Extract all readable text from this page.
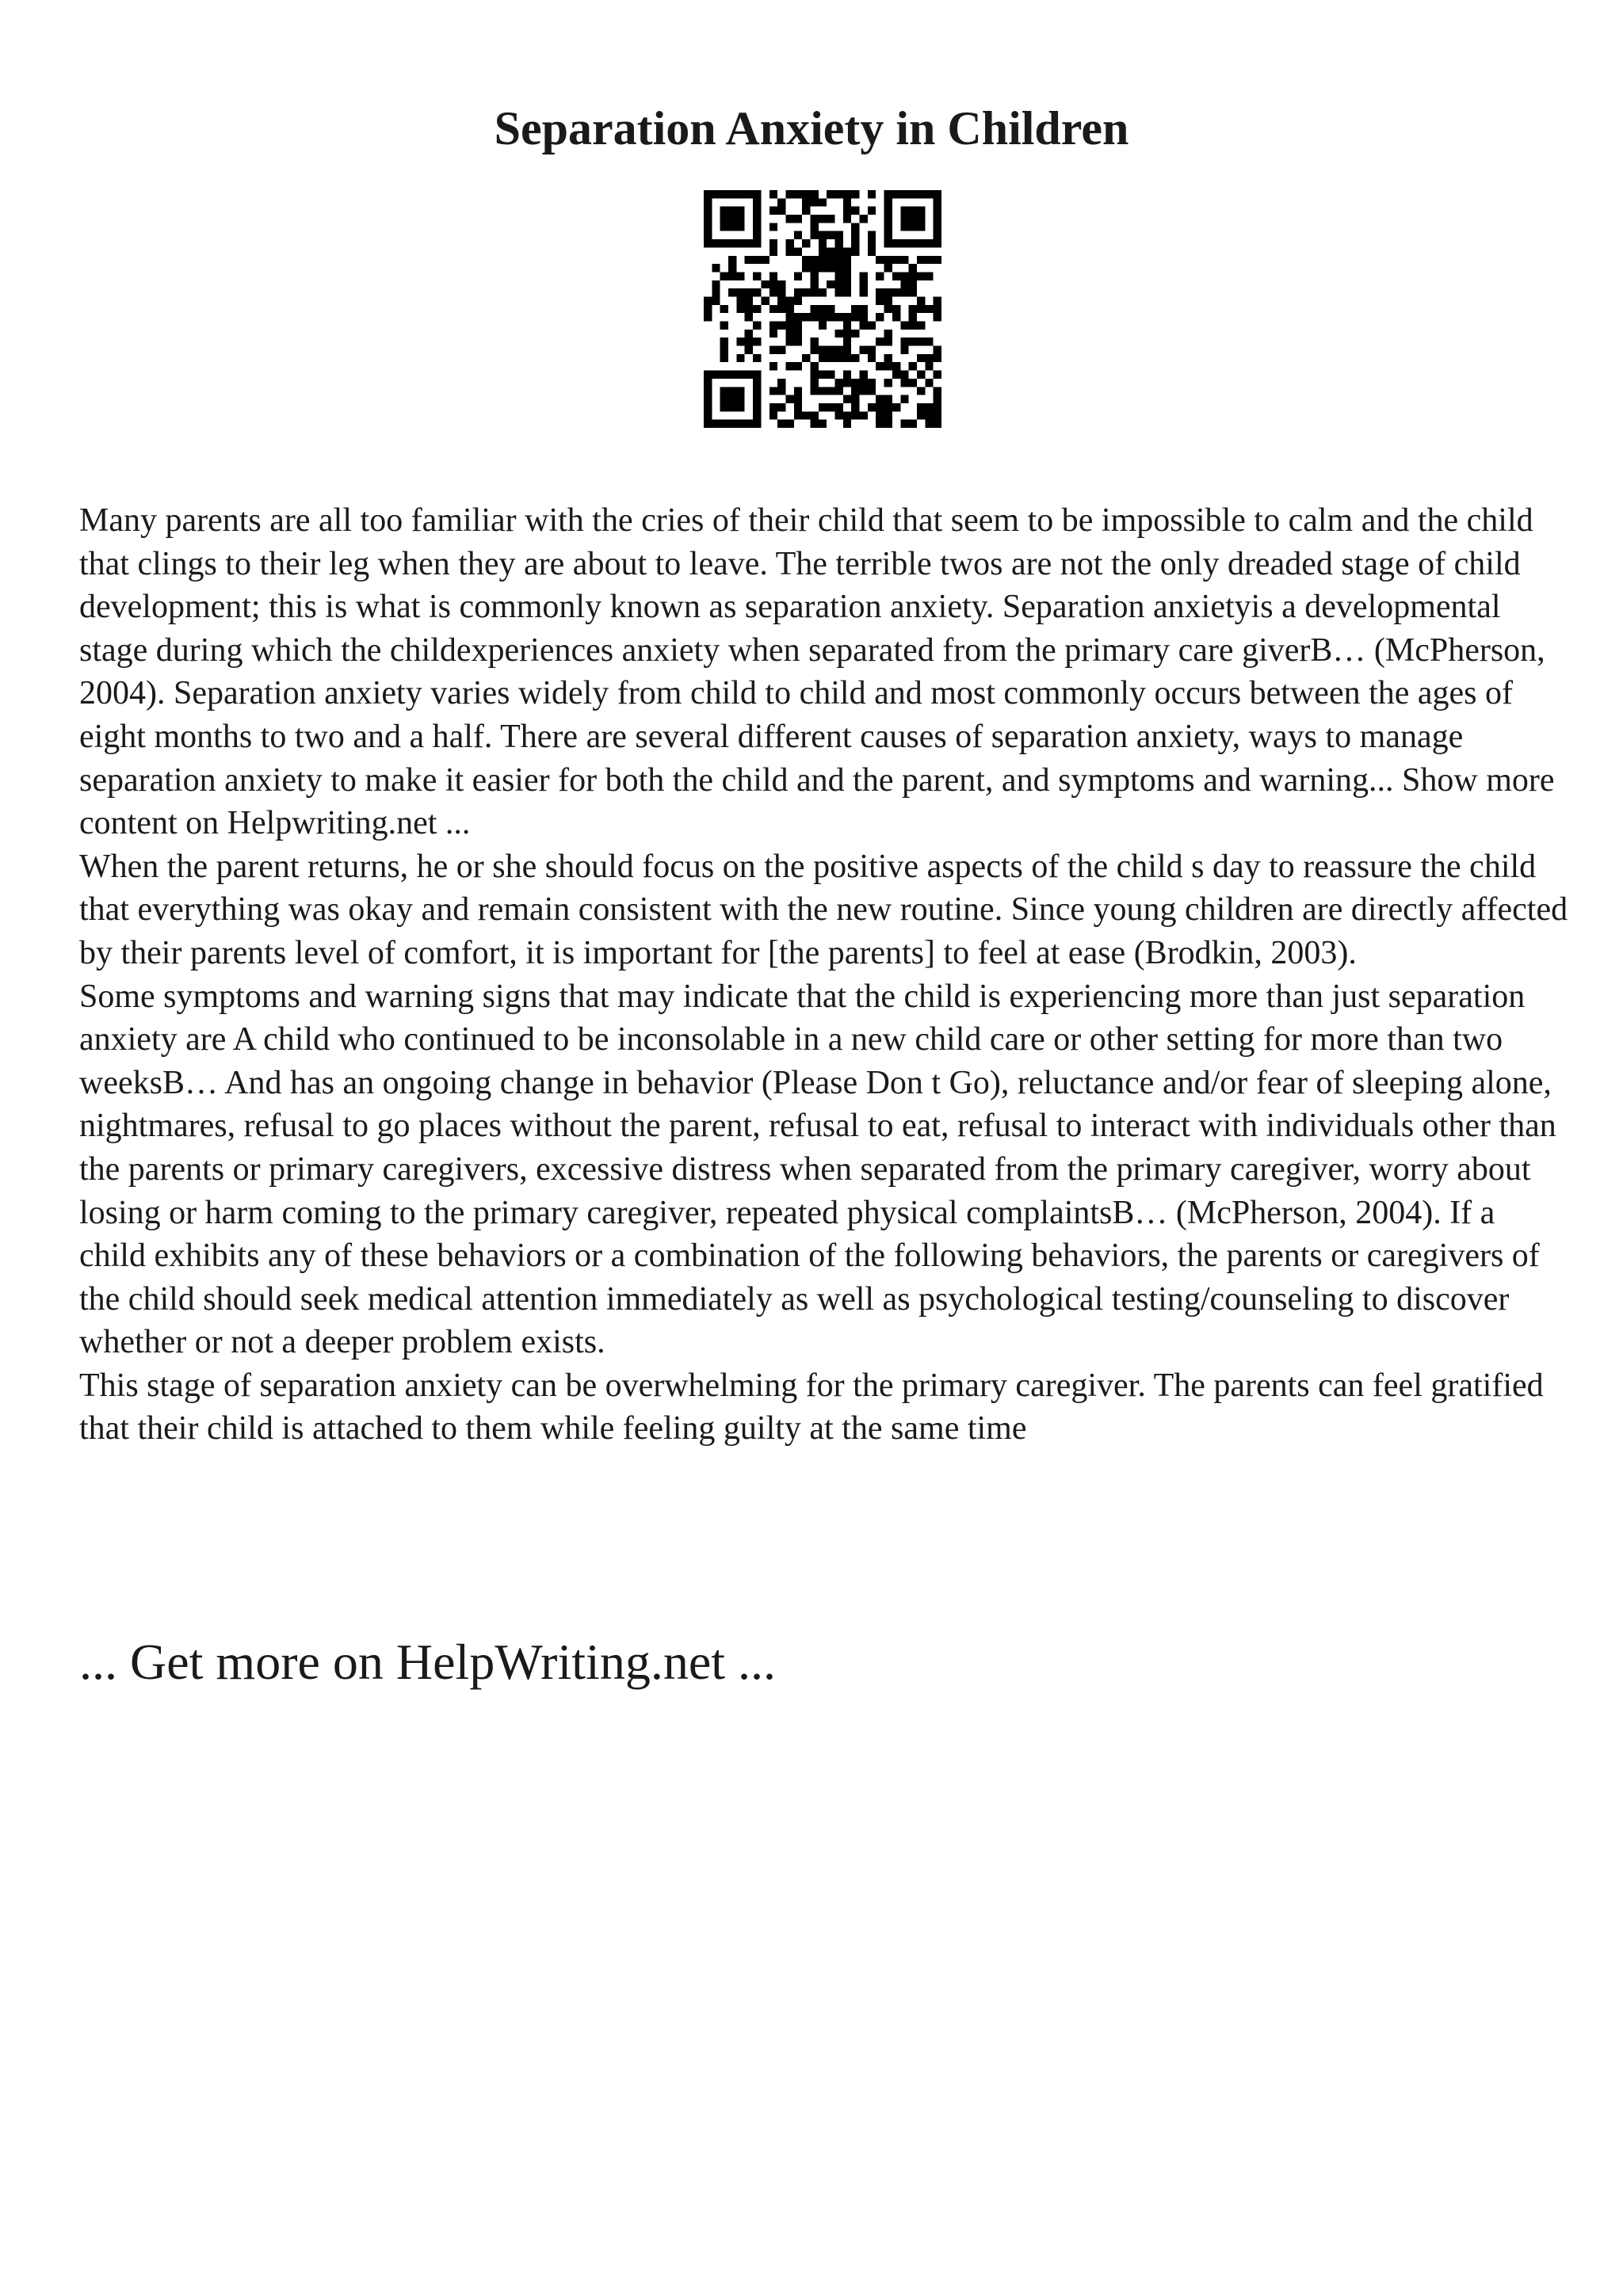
Separation Anxiety in Children

Many parents are all too familiar with the cries of their child that seem to be impossible to calm and the child that clings to their leg when they are about to leave. The terrible twos are not the only dreaded stage of child development; this is what is commonly known as separation anxiety. Separation anxietyis a developmental stage during which the childexperiences anxiety when separated from the primary care giverB… (McPherson, 2004). Separation anxiety varies widely from child to child and most commonly occurs between the ages of eight months to two and a half. There are several different causes of separation anxiety, ways to manage separation anxiety to make it easier for both the child and the parent, and symptoms and warning... Show more content on Helpwriting.net ...

When the parent returns, he or she should focus on the positive aspects of the child s day to reassure the child that everything was okay and remain consistent with the new routine. Since young children are directly affected by their parents level of comfort, it is important for [the parents] to feel at ease (Brodkin, 2003).

Some symptoms and warning signs that may indicate that the child is experiencing more than just separation anxiety are A child who continued to be inconsolable in a new child care or other setting for more than two weeksB… And has an ongoing change in behavior (Please Don t Go), reluctance and/or fear of sleeping alone, nightmares, refusal to go places without the parent, refusal to eat, refusal to interact with individuals other than the parents or primary caregivers, excessive distress when separated from the primary caregiver, worry about losing or harm coming to the primary caregiver, repeated physical complaintsB… (McPherson, 2004). If a child exhibits any of these behaviors or a combination of the following behaviors, the parents or caregivers of the child should seek medical attention immediately as well as psychological testing/counseling to discover whether or not a deeper problem exists.

This stage of separation anxiety can be overwhelming for the primary caregiver. The parents can feel gratified that their child is attached to them while feeling guilty at the same time

... Get more on HelpWriting.net ...
